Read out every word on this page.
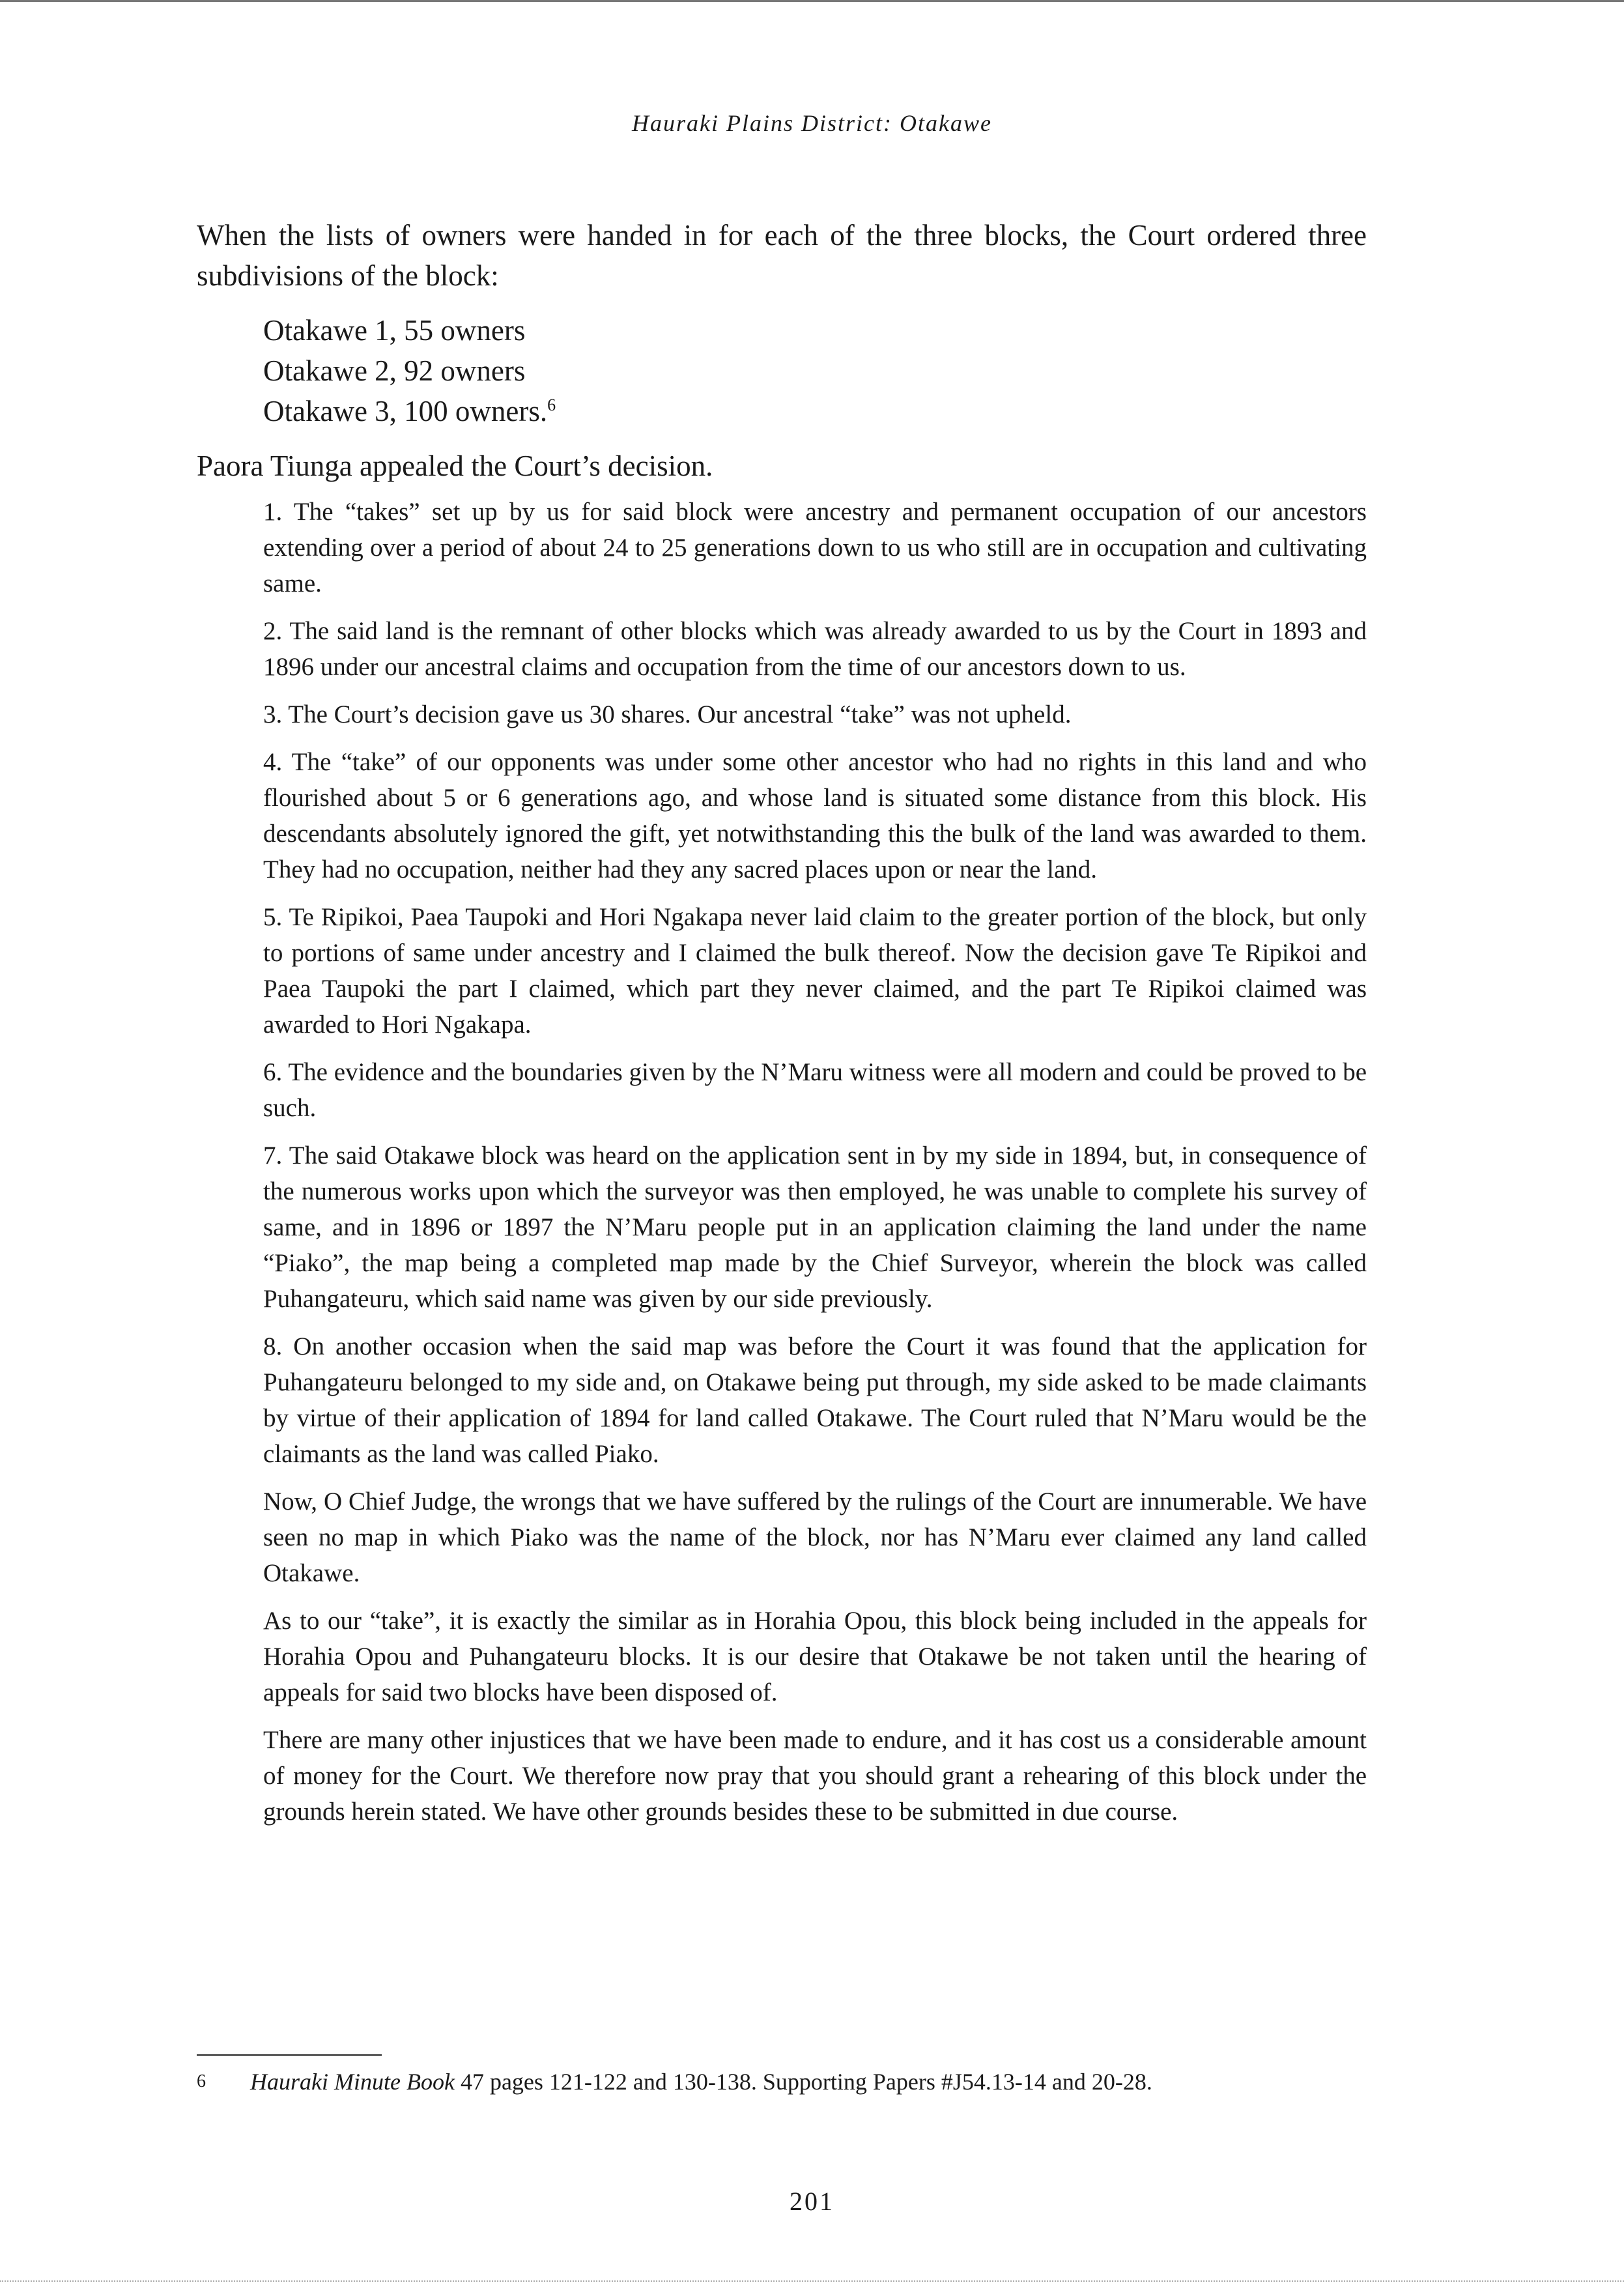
Hauraki Plains District: Otakawe

When the lists of owners were handed in for each of the three blocks, the Court ordered three subdivisions of the block:

Otakawe 1, 55 owners
Otakawe 2, 92 owners
Otakawe 3, 100 owners.$^6$

Paora Tiunga appealed the Court’s decision.

1. The “takes” set up by us for said block were ancestry and permanent occupation of our ancestors extending over a period of about 24 to 25 generations down to us who still are in occupation and cultivating same.

2. The said land is the remnant of other blocks which was already awarded to us by the Court in 1893 and 1896 under our ancestral claims and occupation from the time of our ancestors down to us.

3. The Court’s decision gave us 30 shares. Our ancestral “take” was not upheld.

4. The “take” of our opponents was under some other ancestor who had no rights in this land and who flourished about 5 or 6 generations ago, and whose land is situated some distance from this block. His descendants absolutely ignored the gift, yet notwithstanding this the bulk of the land was awarded to them. They had no occupation, neither had they any sacred places upon or near the land.

5. Te Ripikoi, Paea Taupoki and Hori Ngakapa never laid claim to the greater portion of the block, but only to portions of same under ancestry and I claimed the bulk thereof. Now the decision gave Te Ripikoi and Paea Taupoki the part I claimed, which part they never claimed, and the part Te Ripikoi claimed was awarded to Hori Ngakapa.

6. The evidence and the boundaries given by the N’Maru witness were all modern and could be proved to be such.

7. The said Otakawe block was heard on the application sent in by my side in 1894, but, in consequence of the numerous works upon which the surveyor was then employed, he was unable to complete his survey of same, and in 1896 or 1897 the N’Maru people put in an application claiming the land under the name “Piako”, the map being a completed map made by the Chief Surveyor, wherein the block was called Puhangateuru, which said name was given by our side previously.

8. On another occasion when the said map was before the Court it was found that the application for Puhangateuru belonged to my side and, on Otakawe being put through, my side asked to be made claimants by virtue of their application of 1894 for land called Otakawe. The Court ruled that N’Maru would be the claimants as the land was called Piako.

Now, O Chief Judge, the wrongs that we have suffered by the rulings of the Court are innumerable. We have seen no map in which Piako was the name of the block, nor has N’Maru ever claimed any land called Otakawe.

As to our “take”, it is exactly the similar as in Horahia Opou, this block being included in the appeals for Horahia Opou and Puhangateuru blocks. It is our desire that Otakawe be not taken until the hearing of appeals for said two blocks have been disposed of.

There are many other injustices that we have been made to endure, and it has cost us a considerable amount of money for the Court. We therefore now pray that you should grant a rehearing of this block under the grounds herein stated. We have other grounds besides these to be submitted in due course.

6 Hauraki Minute Book 47 pages 121-122 and 130-138. Supporting Papers #J54.13-14 and 20-28.
201
